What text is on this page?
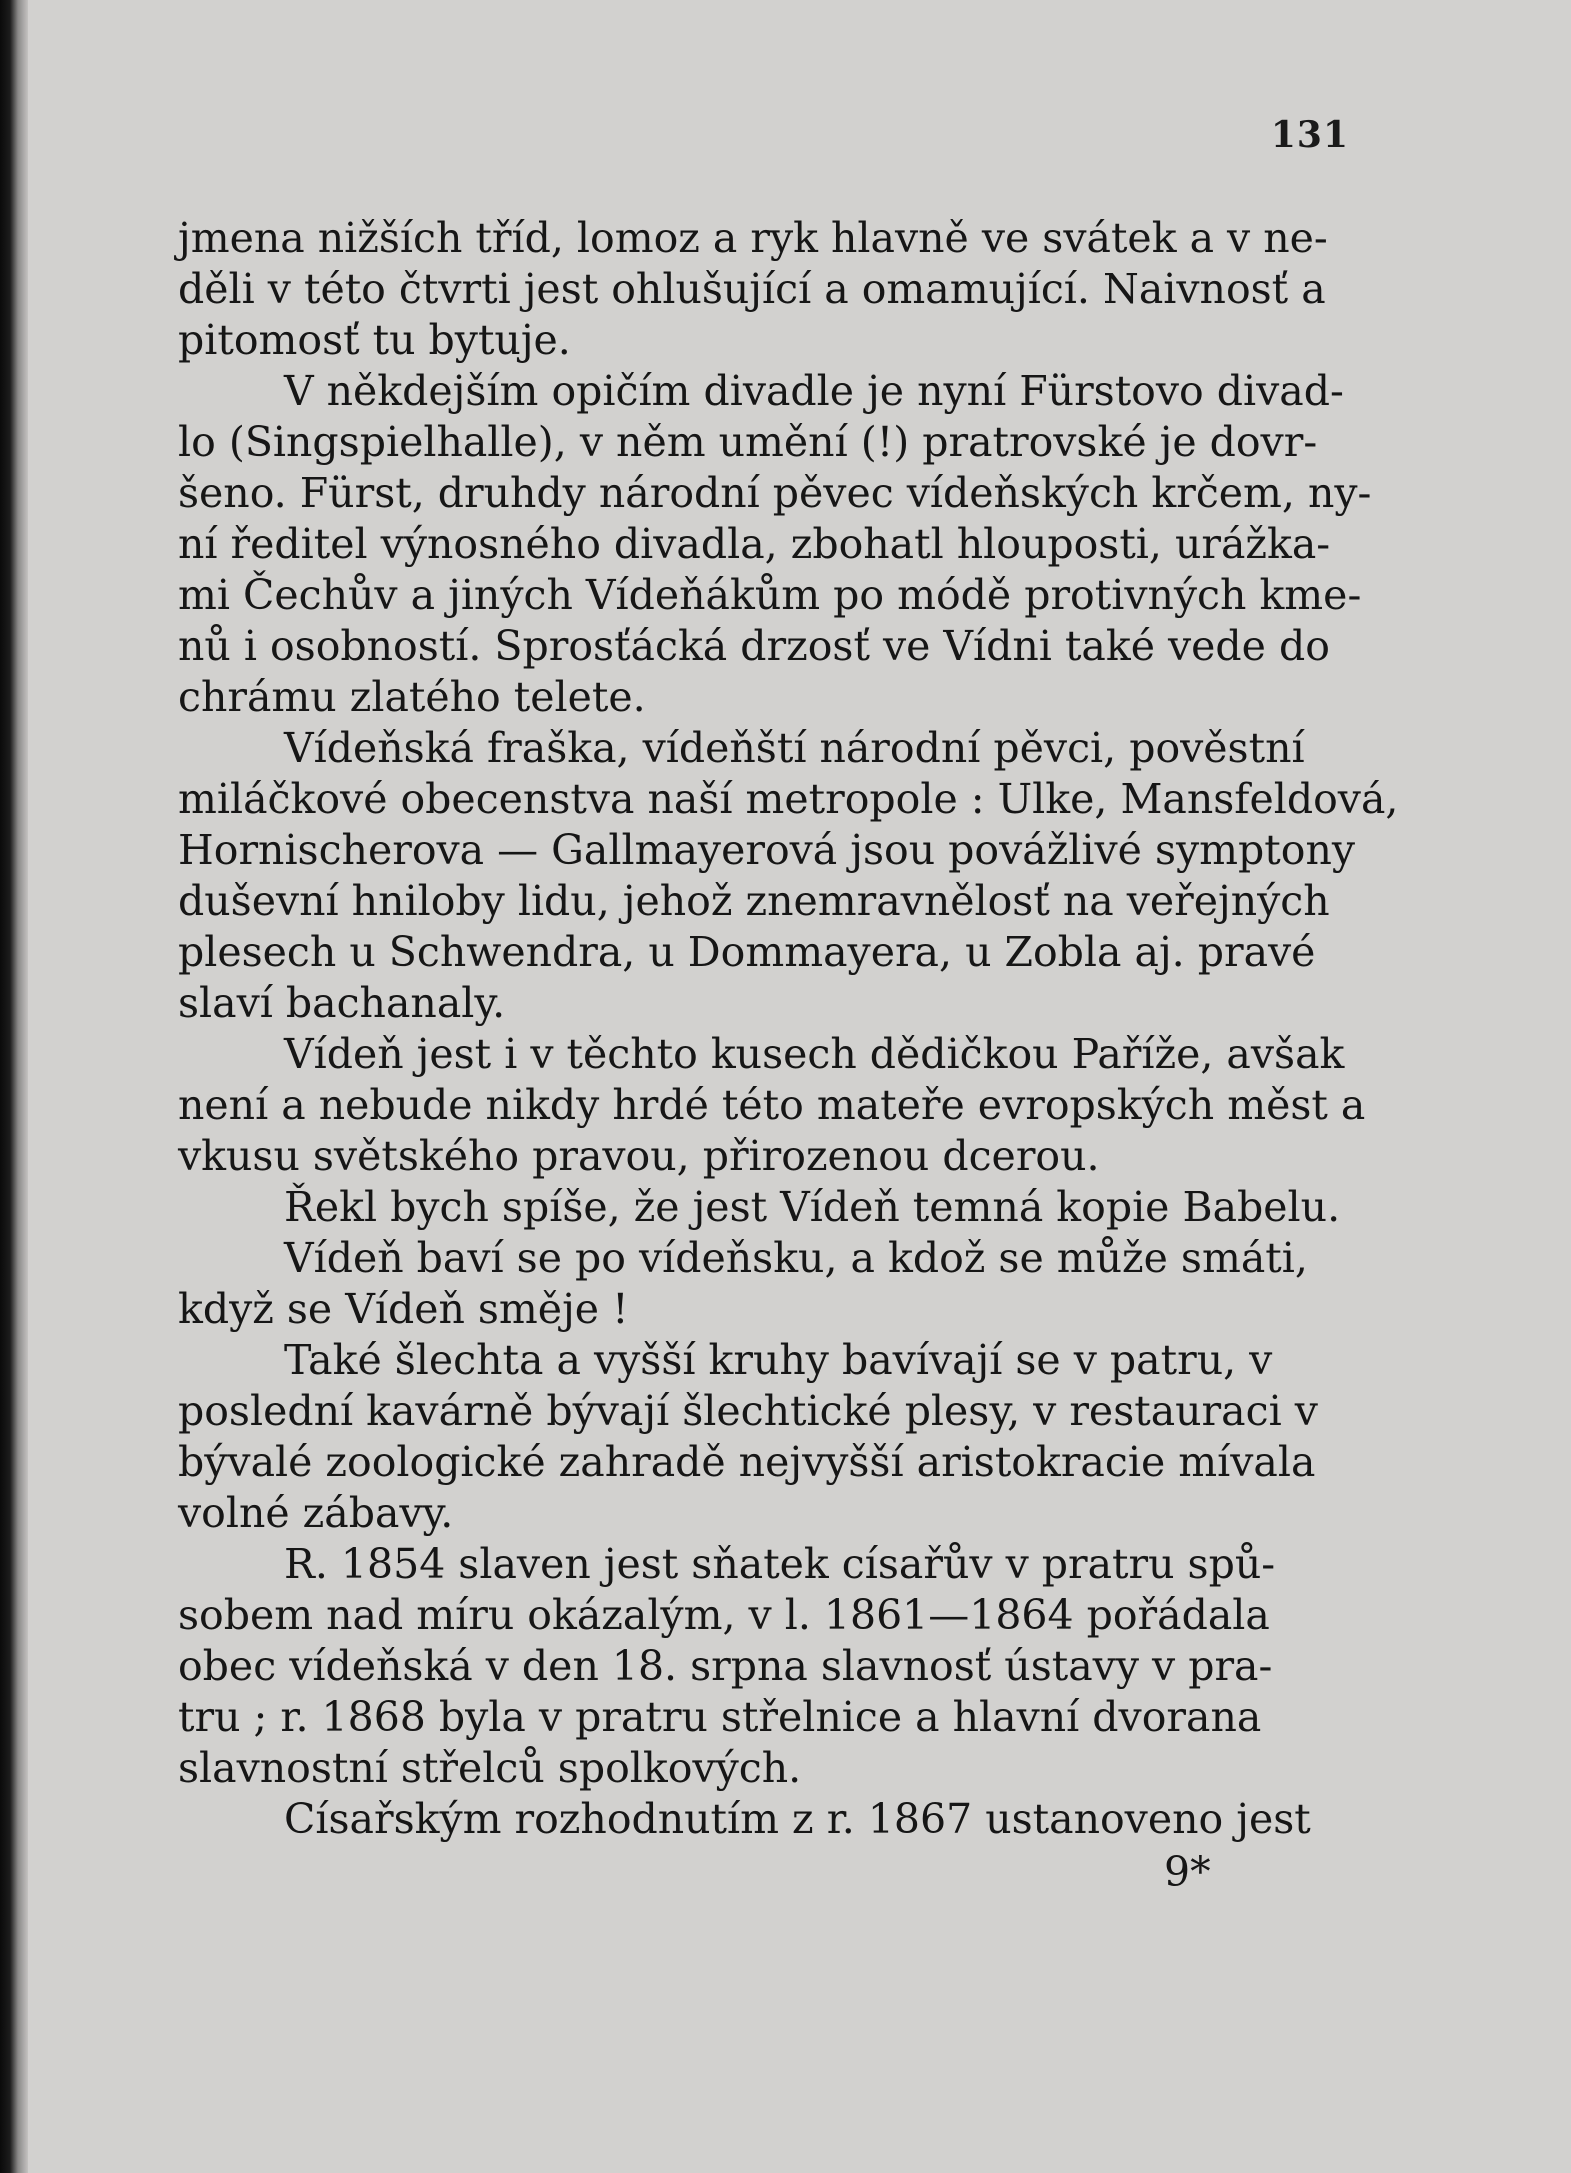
131
jmena nižších tříd, lomoz a ryk hlavně ve svátek a v ne-
děli v této čtvrti jest ohlušující a omamující. Naivnosť a
pitomosť tu bytuje.
V někdejším opičím divadle je nyní Fürstovo divad-
lo (Singspielhalle), v něm umění (!) pratrovské je dovr-
šeno. Fürst, druhdy národní pěvec vídeňských krčem, ny-
ní ředitel výnosného divadla, zbohatl hlouposti, urážka-
mi Čechův a jiných Vídeňákům po módě protivných kme-
nů i osobností. Sprosťácká drzosť ve Vídni také vede do
chrámu zlatého telete.
Vídeňská fraška, vídeňští národní pěvci, pověstní
miláčkové obecenstva naší metropole : Ulke, Mansfeldová,
Hornischerova — Gallmayerová jsou povážlivé symptony
duševní hniloby lidu, jehož znemravnělosť na veřejných
plesech u Schwendra, u Dommayera, u Zobla aj. pravé
slaví bachanaly.
Vídeň jest i v těchto kusech dědičkou Paříže, avšak
není a nebude nikdy hrdé této mateře evropských měst a
vkusu světského pravou, přirozenou dcerou.
Řekl bych spíše, že jest Vídeň temná kopie Babelu.
Vídeň baví se po vídeňsku, a kdož se může smáti,
když se Vídeň směje !
Také šlechta a vyšší kruhy bavívají se v patru, v
poslední kavárně bývají šlechtické plesy, v restauraci v
bývalé zoologické zahradě nejvyšší aristokracie mívala
volné zábavy.
R. 1854 slaven jest sňatek císařův v pratru spů-
sobem nad míru okázalým, v l. 1861—1864 pořádala
obec vídeňská v den 18. srpna slavnosť ústavy v pra-
tru ; r. 1868 byla v pratru střelnice a hlavní dvorana
slavnostní střelců spolkových.
Císařským rozhodnutím z r. 1867 ustanoveno jest
9*
